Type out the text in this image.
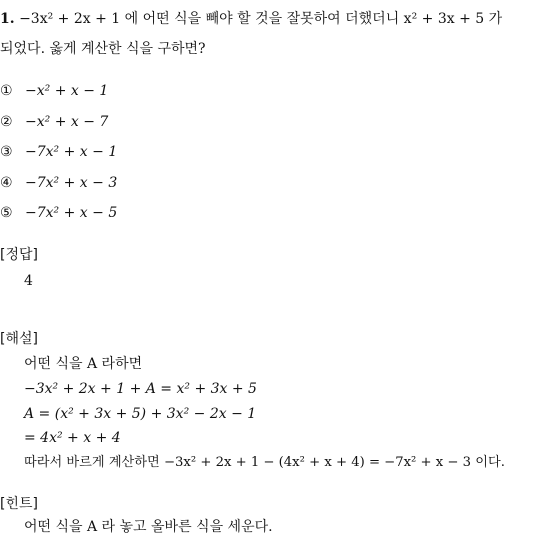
1. −3x² + 2x + 1 에 어떤 식을 빼야 할 것을 잘못하여 더했더니 x² + 3x + 5 가
되었다. 옳게 계산한 식을 구하면?
① −x² + x − 1
② −x² + x − 7
③ −7x² + x − 1
④ −7x² + x − 3
⑤ −7x² + x − 5
[정답]
4
[해설]
어떤 식을 A 라하면
−3x² + 2x + 1 + A = x² + 3x + 5
A = (x² + 3x + 5) + 3x² − 2x − 1
= 4x² + x + 4
따라서 바르게 계산하면 −3x² + 2x + 1 − (4x² + x + 4) = −7x² + x − 3 이다.
[힌트]
어떤 식을 A 라 놓고 올바른 식을 세운다.
